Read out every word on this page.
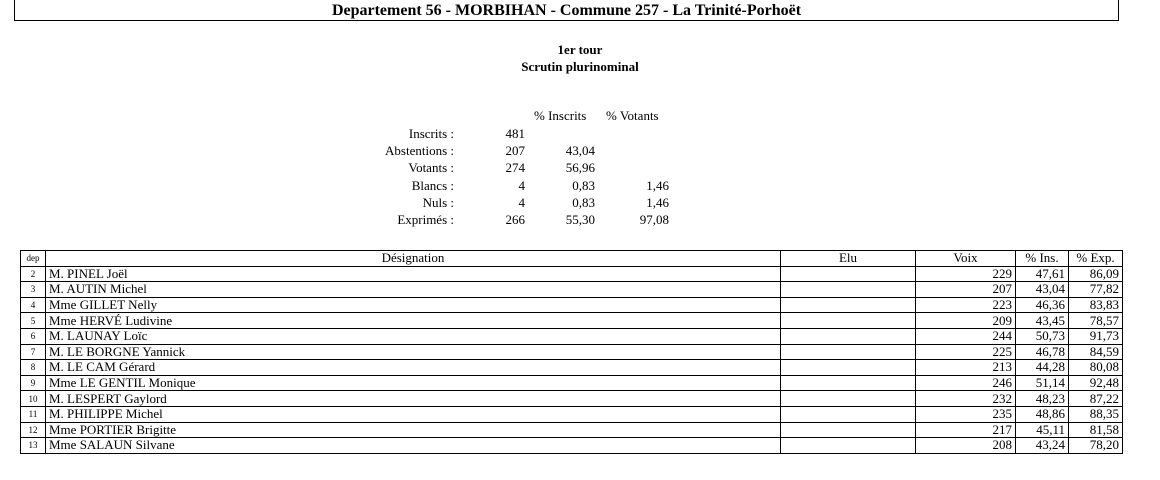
Departement 56 - MORBIHAN - Commune 257 - La Trinité-Porhoët
1er tour
Scrutin plurinominal
% Inscrits % Votants
Inscrits :	481
Abstentions :	207	43,04
Votants :	274	56,96
Blancs :	4	0,83	1,46
Nuls :	4	0,83	1,46
Exprimés :	266	55,30	97,08
dep	Désignation	Elu	Voix	% Ins.	% Exp.
2	M. PINEL Joël		229	47,61	86,09
3	M. AUTIN Michel		207	43,04	77,82
4	Mme GILLET Nelly		223	46,36	83,83
5	Mme HERVÉ Ludivine		209	43,45	78,57
6	M. LAUNAY Loïc		244	50,73	91,73
7	M. LE BORGNE Yannick		225	46,78	84,59
8	M. LE CAM Gérard		213	44,28	80,08
9	Mme LE GENTIL Monique		246	51,14	92,48
10	M. LESPERT Gaylord		232	48,23	87,22
11	M. PHILIPPE Michel		235	48,86	88,35
12	Mme PORTIER Brigitte		217	45,11	81,58
13	Mme SALAUN Silvane		208	43,24	78,20
